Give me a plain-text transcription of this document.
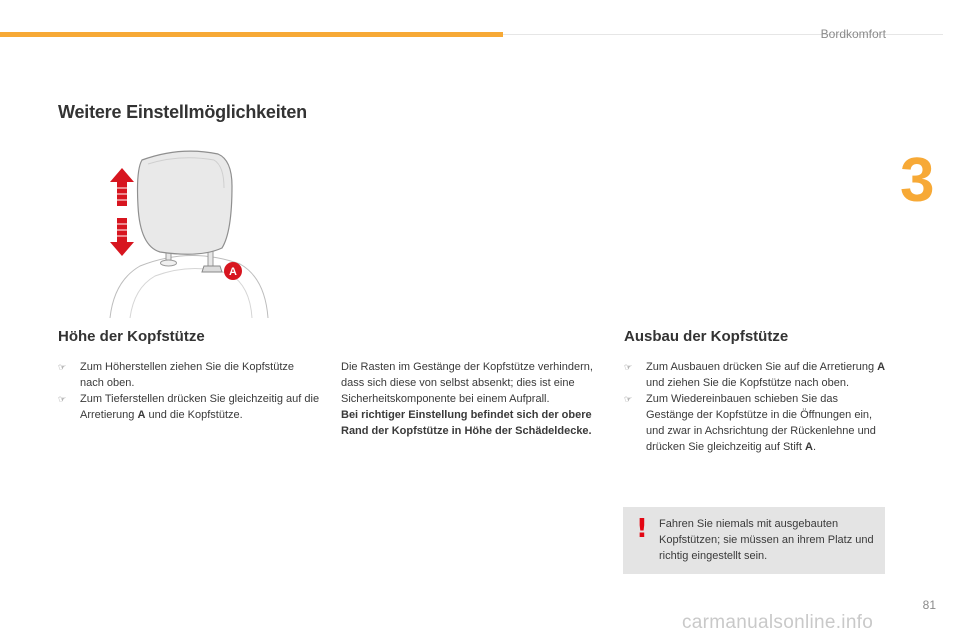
Bordkomfort
3
Weitere Einstellmöglichkeiten
A
Höhe der Kopfstütze
☞ Zum Höherstellen ziehen Sie die Kopfstütze nach oben.
☞ Zum Tieferstellen drücken Sie gleichzeitig auf die Arretierung A und die Kopfstütze.
Die Rasten im Gestänge der Kopfstütze verhindern, dass sich diese von selbst absenkt; dies ist eine Sicherheitskomponente bei einem Aufprall.
Bei richtiger Einstellung befindet sich der obere Rand der Kopfstütze in Höhe der Schädeldecke.
Ausbau der Kopfstütze
☞ Zum Ausbauen drücken Sie auf die Arretierung A und ziehen Sie die Kopfstütze nach oben.
☞ Zum Wiedereinbauen schieben Sie das Gestänge der Kopfstütze in die Öffnungen ein, und zwar in Achsrichtung der Rückenlehne und drücken Sie gleichzeitig auf Stift A.
! Fahren Sie niemals mit ausgebauten Kopfstützen; sie müssen an ihrem Platz und richtig eingestellt sein.
81
carmanualsonline.info
